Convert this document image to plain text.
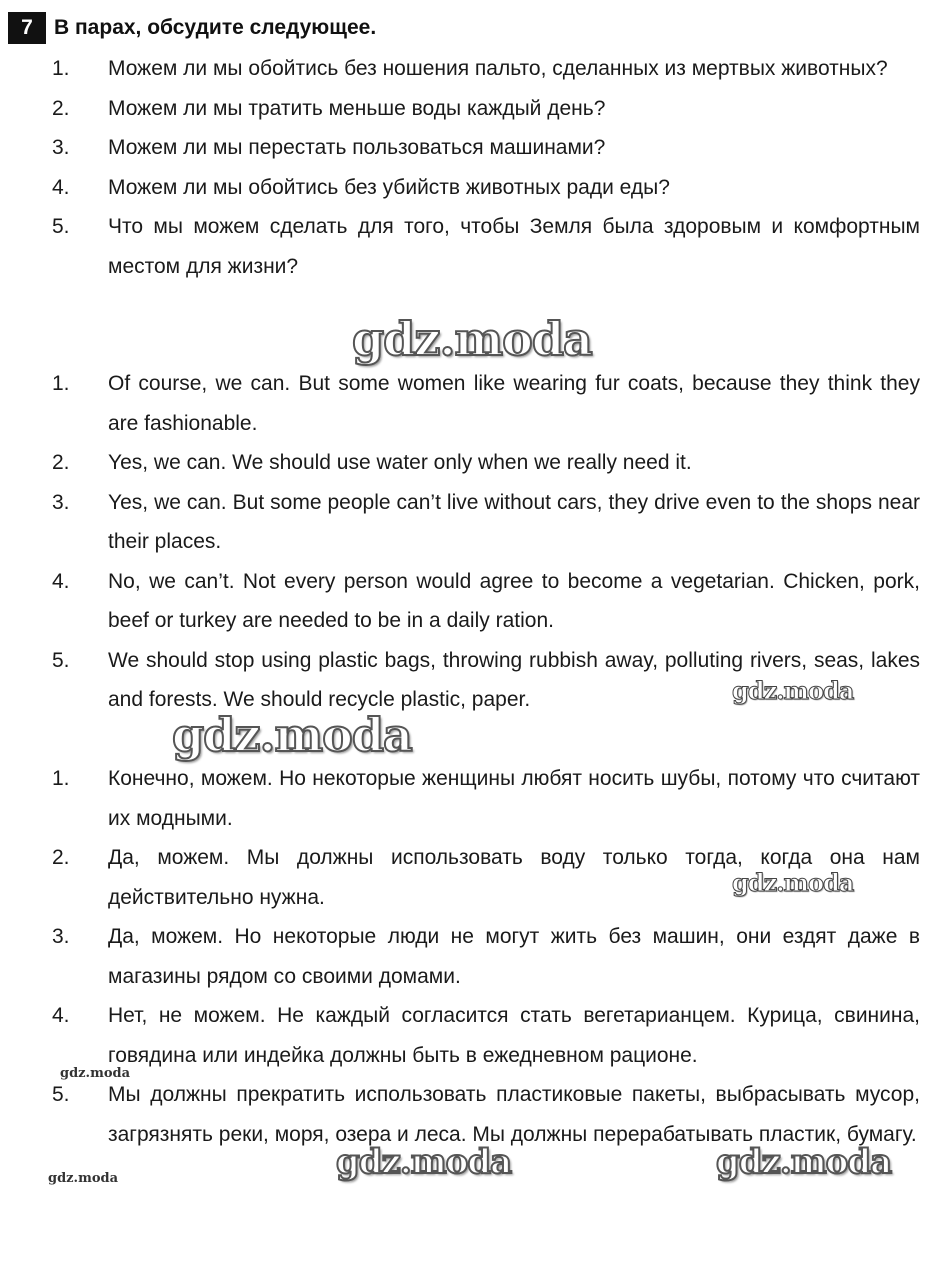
7	В парах, обсудите следующее.
1. Можем ли мы обойтись без ношения пальто, сделанных из мертвых животных?
2. Можем ли мы тратить меньше воды каждый день?
3. Можем ли мы перестать пользоваться машинами?
4. Можем ли мы обойтись без убийств животных ради еды?
5. Что мы можем сделать для того, чтобы Земля была здоровым и комфортным местом для жизни?
1. Of course, we can. But some women like wearing fur coats, because they think they are fashionable.
2. Yes, we can. We should use water only when we really need it.
3. Yes, we can. But some people can’t live without cars, they drive even to the shops near their places.
4. No, we can’t. Not every person would agree to become a vegetarian. Chicken, pork, beef or turkey are needed to be in a daily ration.
5. We should stop using plastic bags, throwing rubbish away, polluting rivers, seas, lakes and forests. We should recycle plastic, paper.
1. Конечно, можем. Но некоторые женщины любят носить шубы, потому что считают их модными.
2. Да, можем. Мы должны использовать воду только тогда, когда она нам действительно нужна.
3. Да, можем. Но некоторые люди не могут жить без машин, они ездят даже в магазины рядом со своими домами.
4. Нет, не можем. Не каждый согласится стать вегетарианцем. Курица, свинина, говядина или индейка должны быть в ежедневном рационе.
5. Мы должны прекратить использовать пластиковые пакеты, выбрасывать мусор, загрязнять реки, моря, озера и леса. Мы должны перерабатывать пластик, бумагу.
gdz.moda
gdz.moda
gdz.moda
gdz.moda
gdz.moda
gdz.moda	gdz.moda	gdz.moda
